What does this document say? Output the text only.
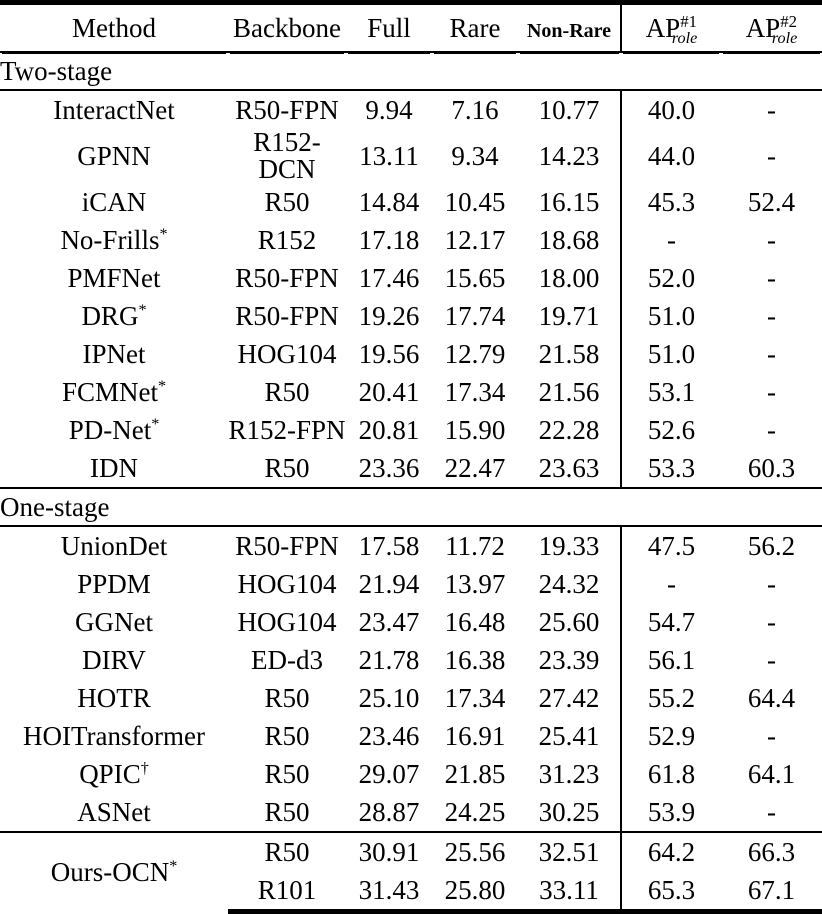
Method	Backbone	Full	Rare	Non-Rare	$AP^{\#1}_{role}$	$AP^{\#2}_{role}$
Two-stage						
InteractNet	R50-FPN	9.94	7.16	10.77	40.0	-
GPNN	R152-DCN	13.11	9.34	14.23	44.0	-
iCAN	R50	14.84	10.45	16.15	45.3	52.4
No-Frills*	R152	17.18	12.17	18.68	-	-
PMFNet	R50-FPN	17.46	15.65	18.00	52.0	-
DRG*	R50-FPN	19.26	17.74	19.71	51.0	-
IPNet	HOG104	19.56	12.79	21.58	51.0	-
FCMNet*	R50	20.41	17.34	21.56	53.1	-
PD-Net*	R152-FPN	20.81	15.90	22.28	52.6	-
IDN	R50	23.36	22.47	23.63	53.3	60.3
One-stage						
UnionDet	R50-FPN	17.58	11.72	19.33	47.5	56.2
PPDM	HOG104	21.94	13.97	24.32	-	-
GGNet	HOG104	23.47	16.48	25.60	54.7	-
DIRV	ED-d3	21.78	16.38	23.39	56.1	-
HOTR	R50	25.10	17.34	27.42	55.2	64.4
HOITransformer	R50	23.46	16.91	25.41	52.9	-
QPIC†	R50	29.07	21.85	31.23	61.8	64.1
ASNet	R50	28.87	24.25	30.25	53.9	-
Ours-OCN*	R50	30.91	25.56	32.51	64.2	66.3
	R101	31.43	25.80	33.11	65.3	67.1
